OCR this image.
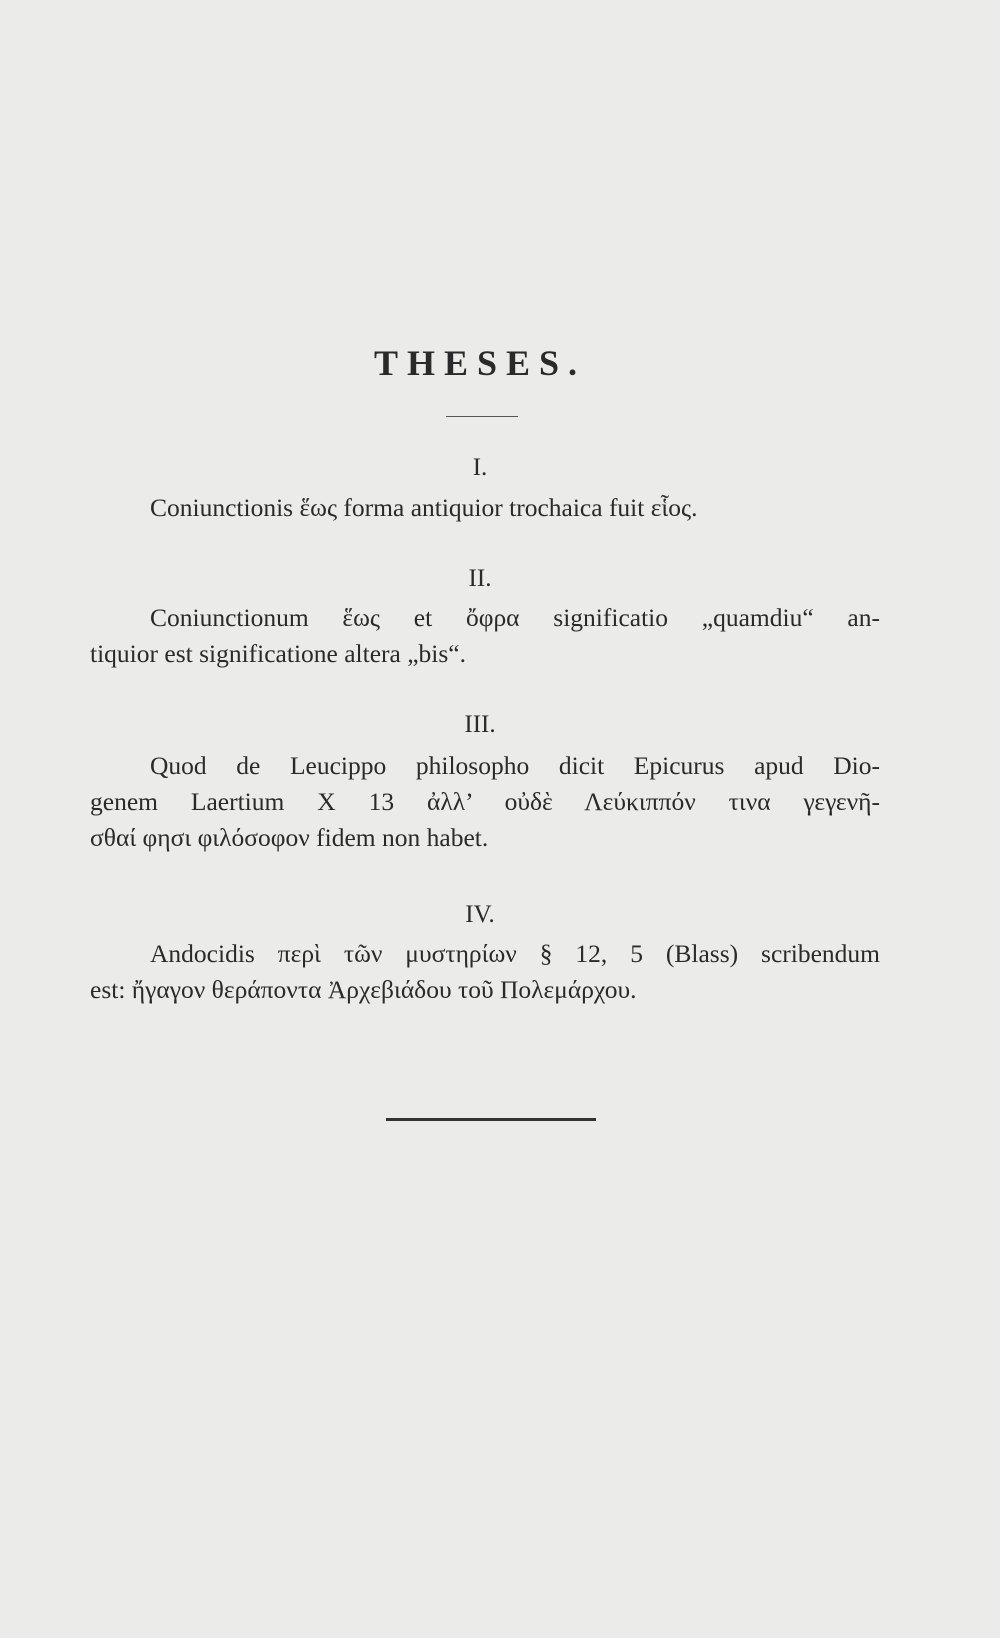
THESES.
I.
Coniunctionis ἕως forma antiquior trochaica fuit εἷος.
II.
Coniunctionum ἕως et ὄφρα significatio „quamdiu“ an-
tiquior est significatione altera „bis“.
III.
Quod de Leucippo philosopho dicit Epicurus apud Dio-
genem Laertium X 13 ἀλλ’ οὐδὲ Λεύκιππόν τινα γεγενῆ-
σθαί φησι φιλόσοφον fidem non habet.
IV.
Andocidis περὶ τῶν μυστηρίων § 12, 5 (Blass) scribendum
est: ἤγαγον θεράποντα Ἀρχεβιάδου τοῦ Πολεμάρχου.
